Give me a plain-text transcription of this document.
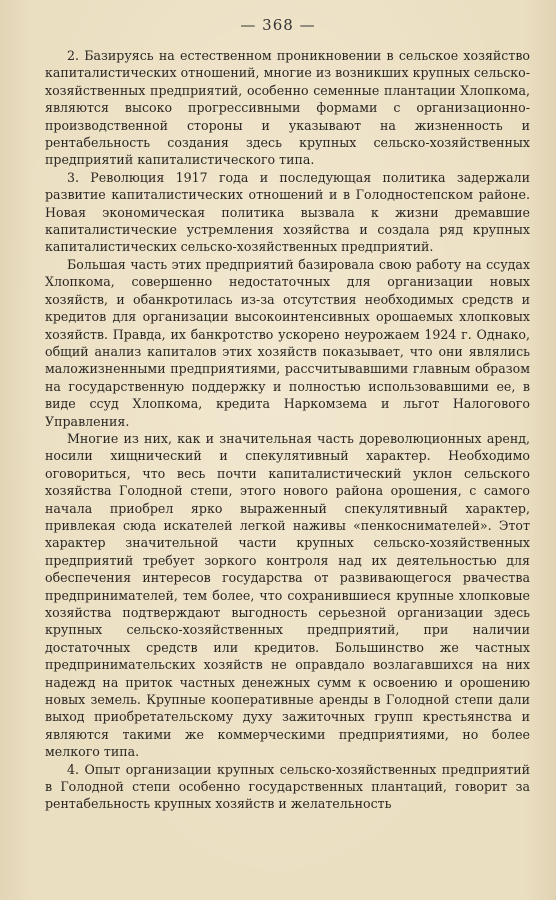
— 368 —

2. Базируясь на естественном проникновении в сельское хозяйство капиталистических отношений, многие из возникших крупных сельско-хозяйственных предприятий, особенно семенные плантации Хлопкома, являются высоко прогрессивными формами с организационно-производственной стороны и указывают на жизненность и рентабельность создания здесь крупных сельско-хозяйственных предприятий капиталистического типа.

3. Революция 1917 года и последующая политика задержали развитие капиталистических отношений и в Голодностепском районе. Новая экономическая политика вызвала к жизни дремавшие капиталистические устремления хозяйства и создала ряд крупных капиталистических сельско-хозяйственных предприятий.

Большая часть этих предприятий базировала свою работу на ссудах Хлопкома, совершенно недостаточных для организации новых хозяйств, и обанкротилась из-за отсутствия необходимых средств и кредитов для организации высокоинтенсивных орошаемых хлопковых хозяйств. Правда, их банкротство ускорено неурожаем 1924 г. Однако, общий анализ капиталов этих хозяйств показывает, что они являлись маложизненными предприятиями, рассчитывавшими главным образом на государственную поддержку и полностью использовавшими ее, в виде ссуд Хлопкома, кредита Наркомзема и льгот Налогового Управления.

Многие из них, как и значительная часть дореволюционных аренд, носили хищнический и спекулятивный характер. Необходимо оговориться, что весь почти капиталистический уклон сельского хозяйства Голодной степи, этого нового района орошения, с самого начала приобрел ярко выраженный спекулятивный характер, привлекая сюда искателей легкой наживы «пенкоснимателей». Этот характер значительной части крупных сельско-хозяйственных предприятий требует зоркого контроля над их деятельностью для обеспечения интересов государства от развивающегося рвачества предпринимателей, тем более, что сохранившиеся крупные хлопковые хозяйства подтверждают выгодность серьезной организации здесь крупных сельско-хозяйственных предприятий, при наличии достаточных средств или кредитов. Большинство же частных предпринимательских хозяйств не оправдало возлагавшихся на них надежд на приток частных денежных сумм к освоению и орошению новых земель. Крупные кооперативные аренды в Голодной степи дали выход приобретательскому духу зажиточных групп крестьянства и являются такими же коммерческими предприятиями, но более мелкого типа.

4. Опыт организации крупных сельско-хозяйственных предприятий в Голодной степи особенно государственных плантаций, говорит за рентабельность крупных хозяйств и желательность
